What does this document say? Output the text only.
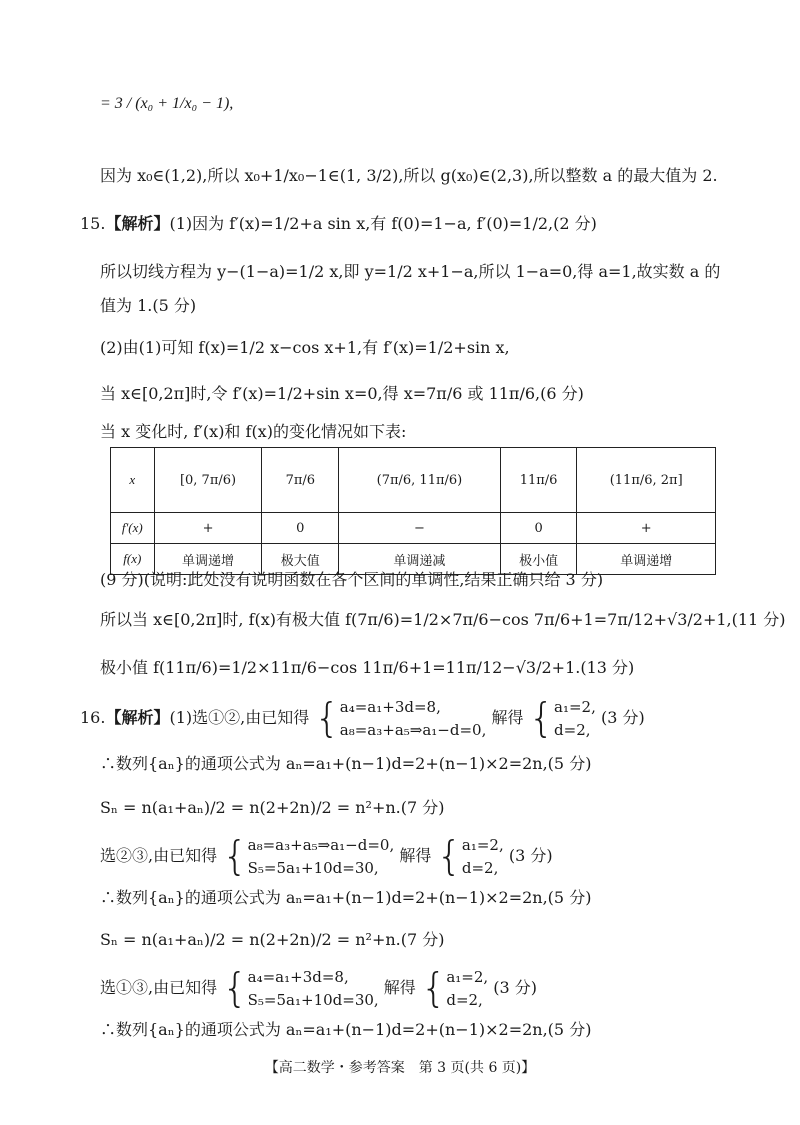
= 3 / (x₀ + 1/x₀ − 1),
因为 x₀∈(1,2),所以 x₀+1/x₀−1∈(1, 3/2),所以 g(x₀)∈(2,3),所以整数 a 的最大值为 2.
15.【解析】(1)因为 f′(x)=1/2+a sin x,有 f(0)=1−a, f′(0)=1/2,(2 分)
所以切线方程为 y−(1−a)=1/2 x,即 y=1/2 x+1−a,所以 1−a=0,得 a=1,故实数 a 的
值为 1.(5 分)
(2)由(1)可知 f(x)=1/2 x−cos x+1,有 f′(x)=1/2+sin x,
当 x∈[0,2π]时,令 f′(x)=1/2+sin x=0,得 x=7π/6 或 11π/6,(6 分)
当 x 变化时, f′(x)和 f(x)的变化情况如下表:
x	[0, 7π/6)	7π/6	(7π/6, 11π/6)	11π/6	(11π/6, 2π]
f′(x)	+	0	−	0	+
f(x)	单调递增	极大值	单调递减	极小值	单调递增
(9 分)(说明:此处没有说明函数在各个区间的单调性,结果正确只给 3 分)
所以当 x∈[0,2π]时, f(x)有极大值 f(7π/6)=1/2×7π/6−cos 7π/6+1=7π/12+√3/2+1,(11 分)
极小值 f(11π/6)=1/2×11π/6−cos 11π/6+1=11π/12−√3/2+1.(13 分)
16.【解析】(1)选①②,由已知得 {a₄=a₁+3d=8,
a₈=a₃+a₅⇒a₁−d=0, 解得 {a₁=2,
d=2, (3 分)
∴数列{aₙ}的通项公式为 aₙ=a₁+(n−1)d=2+(n−1)×2=2n,(5 分)
Sₙ = n(a₁+aₙ)/2 = n(2+2n)/2 = n²+n.(7 分)
选②③,由已知得 {a₈=a₃+a₅⇒a₁−d=0,
S₅=5a₁+10d=30, 解得 {a₁=2,
d=2, (3 分)
∴数列{aₙ}的通项公式为 aₙ=a₁+(n−1)d=2+(n−1)×2=2n,(5 分)
Sₙ = n(a₁+aₙ)/2 = n(2+2n)/2 = n²+n.(7 分)
选①③,由已知得 {a₄=a₁+3d=8,
S₅=5a₁+10d=30, 解得 {a₁=2,
d=2, (3 分)
∴数列{aₙ}的通项公式为 aₙ=a₁+(n−1)d=2+(n−1)×2=2n,(5 分)
【高二数学・参考答案　第 3 页(共 6 页)】
